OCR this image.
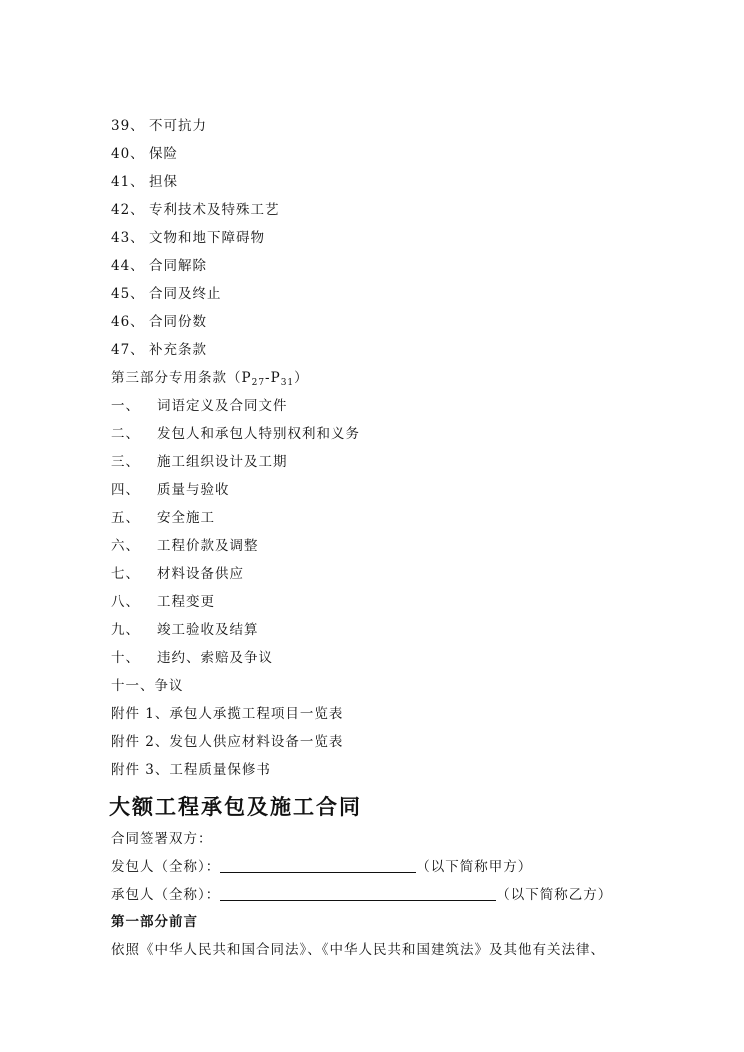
39、 不可抗力
40、 保险
41、 担保
42、 专利技术及特殊工艺
43、 文物和地下障碍物
44、 合同解除
45、 合同及终止
46、 合同份数
47、 补充条款
第三部分专用条款$(P_{27}-P_{31})$
一、 词语定义及合同文件
二、 发包人和承包人特别权利和义务
三、 施工组织设计及工期
四、 质量与验收
五、 安全施工
六、 工程价款及调整
七、 材料设备供应
八、 工程变更
九、 竣工验收及结算
十、 违约、索赔及争议
十一、争议
附件 1、承包人承揽工程项目一览表
附件 2、发包人供应材料设备一览表
附件 3、工程质量保修书
大额工程承包及施工合同
合同签署双方：
发包人（全称）：	（以下简称甲方）
承包人（全称）：	（以下简称乙方）
第一部分前言
依照《中华人民共和国合同法》、《中华人民共和国建筑法》及其他有关法律、
